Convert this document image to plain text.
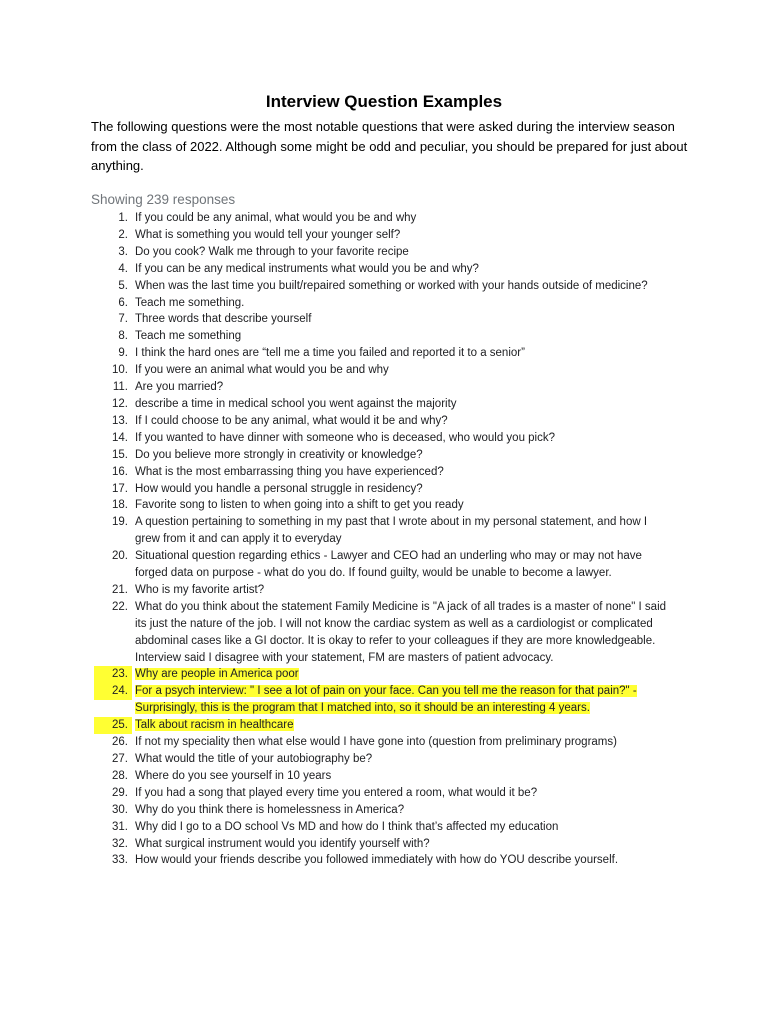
Interview Question Examples

The following questions were the most notable questions that were asked during the interview season from the class of 2022. Although some might be odd and peculiar, you should be prepared for just about anything.

Showing 239 responses

1. If you could be any animal, what would you be and why
2. What is something you would tell your younger self?
3. Do you cook? Walk me through to your favorite recipe
4. If you can be any medical instruments what would you be and why?
5. When was the last time you built/repaired something or worked with your hands outside of medicine?
6. Teach me something.
7. Three words that describe yourself
8. Teach me something
9. I think the hard ones are “tell me a time you failed and reported it to a senior”
10. If you were an animal what would you be and why
11. Are you married?
12. describe a time in medical school you went against the majority
13. If I could choose to be any animal, what would it be and why?
14. If you wanted to have dinner with someone who is deceased, who would you pick?
15. Do you believe more strongly in creativity or knowledge?
16. What is the most embarrassing thing you have experienced?
17. How would you handle a personal struggle in residency?
18. Favorite song to listen to when going into a shift to get you ready
19. A question pertaining to something in my past that I wrote about in my personal statement, and how I grew from it and can apply it to everyday
20. Situational question regarding ethics - Lawyer and CEO had an underling who may or may not have forged data on purpose - what do you do. If found guilty, would be unable to become a lawyer.
21. Who is my favorite artist?
22. What do you think about the statement Family Medicine is "A jack of all trades is a master of none" I said its just the nature of the job. I will not know the cardiac system as well as a cardiologist or complicated abdominal cases like a GI doctor. It is okay to refer to your colleagues if they are more knowledgeable. Interview said I disagree with your statement, FM are masters of patient advocacy.
23. Why are people in America poor
24. For a psych interview: " I see a lot of pain on your face. Can you tell me the reason for that pain?" - Surprisingly, this is the program that I matched into, so it should be an interesting 4 years.
25. Talk about racism in healthcare
26. If not my speciality then what else would I have gone into (question from preliminary programs)
27. What would the title of your autobiography be?
28. Where do you see yourself in 10 years
29. If you had a song that played every time you entered a room, what would it be?
30. Why do you think there is homelessness in America?
31. Why did I go to a DO school Vs MD and how do I think that’s affected my education
32. What surgical instrument would you identify yourself with?
33. How would your friends describe you followed immediately with how do YOU describe yourself.
